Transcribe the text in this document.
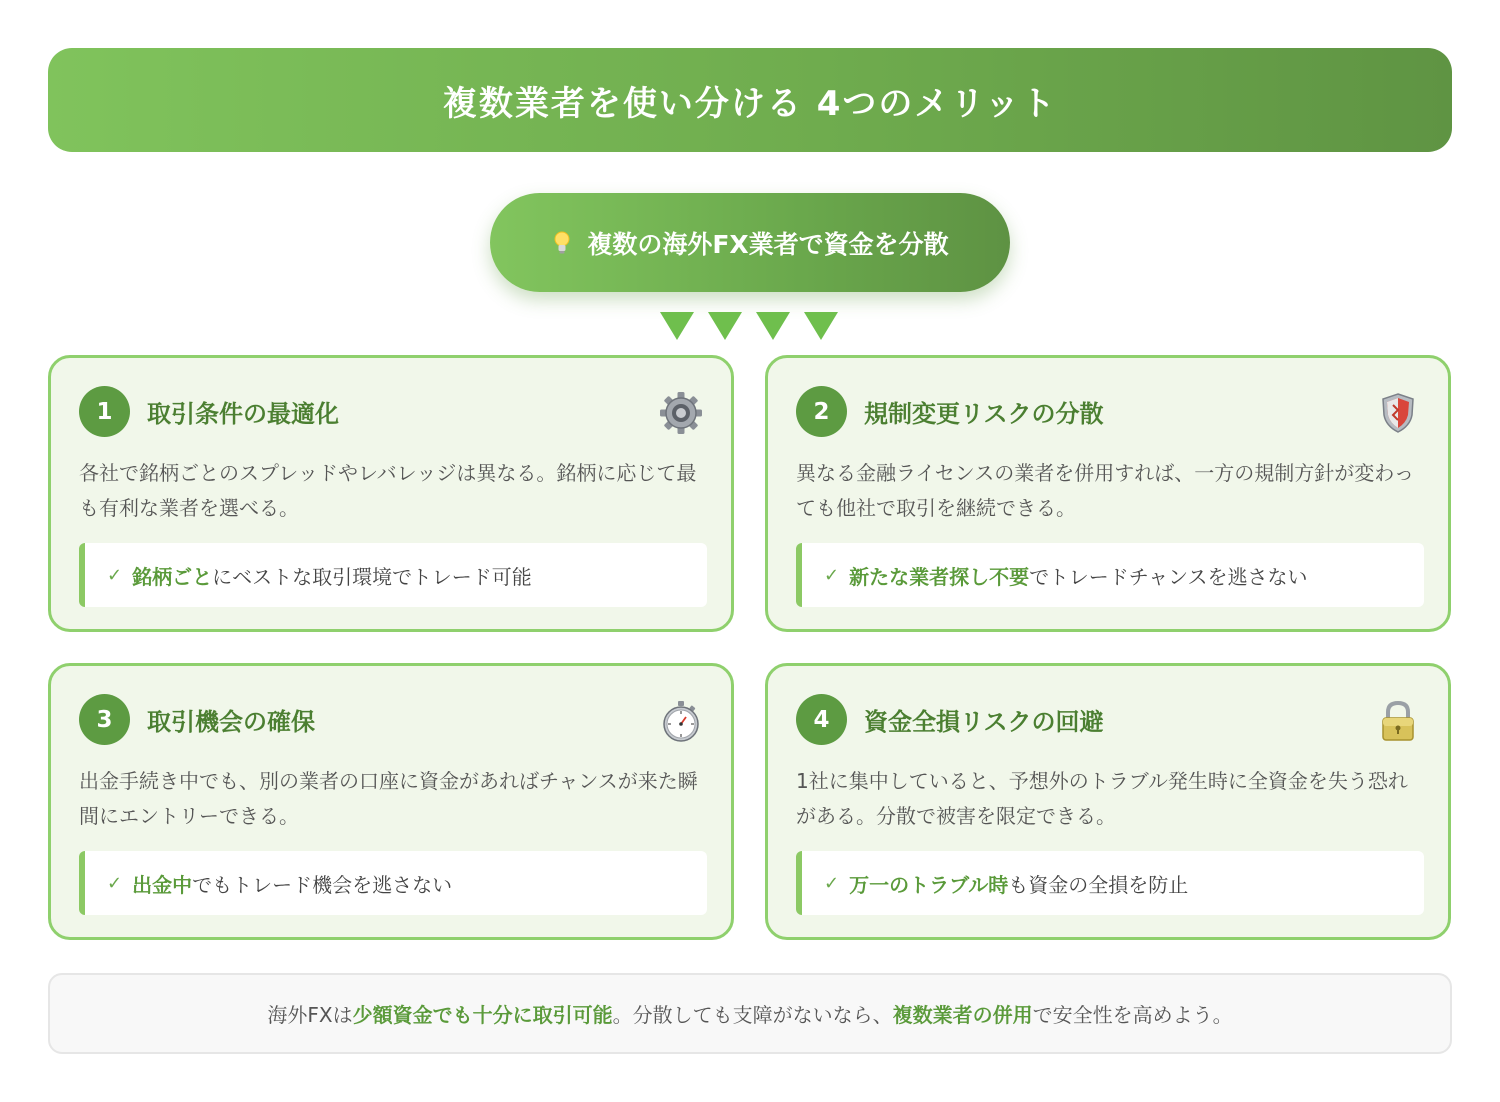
複数業者を使い分ける 4つのメリット
複数の海外FX業者で資金を分散
1	取引条件の最適化
各社で銘柄ごとのスプレッドやレバレッジは異なる。銘柄に応じて最も有利な業者を選べる。
✓ 銘柄ごと にベストな取引環境でトレード可能
2	規制変更リスクの分散
異なる金融ライセンスの業者を併用すれば、一方の規制方針が変わっても他社で取引を継続できる。
✓ 新たな業者探し不要 でトレードチャンスを逃さない
3	取引機会の確保
出金手続き中でも、別の業者の口座に資金があればチャンスが来た瞬間にエントリーできる。
✓ 出金中 でもトレード機会を逃さない
4	資金全損リスクの回避
1社に集中していると、予想外のトラブル発生時に全資金を失う恐れがある。分散で被害を限定できる。
✓ 万一のトラブル時 も資金の全損を防止
海外FXは 少額資金でも十分に取引可能 。分散しても支障がないなら、 複数業者の併用 で安全性を高めよう。
